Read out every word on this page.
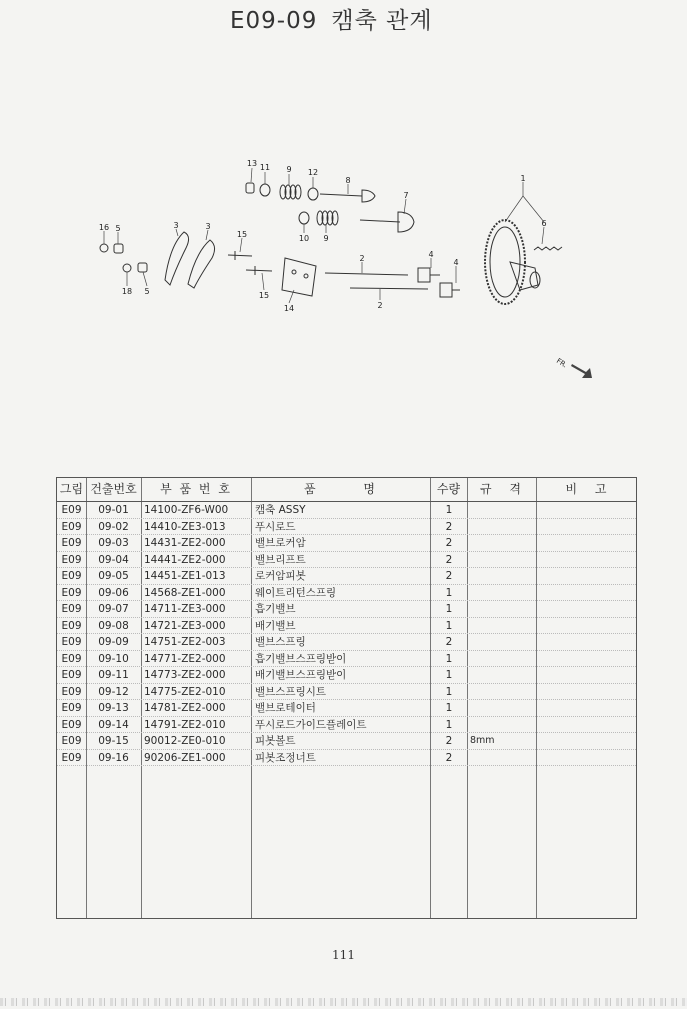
E09-09 캠축 관계
13 11 9 12
8
7
1
6
16 5	3	3
15	10 9
4
4
2
2
18 5	15
14
FR.
그림 건출번호	부 품 번 호	품 명	수량	규 격	비 고
E09	09-01	14100-ZF6-W00	캠축 ASSY	1
E09	09-02	14410-ZE3-013	푸시로드	2
E09	09-03	14431-ZE2-000	밸브로커암	2
E09	09-04	14441-ZE2-000	밸브리프트	2
E09	09-05	14451-ZE1-013	로커암피봇	2
E09	09-06	14568-ZE1-000	웨이트리턴스프링	1
E09	09-07	14711-ZE3-000	흡기밸브	1
E09	09-08	14721-ZE3-000	배기밸브	1
E09	09-09	14751-ZE2-003	밸브스프링	2
E09	09-10	14771-ZE2-000	흡기밸브스프링받이	1
E09	09-11	14773-ZE2-000	배기밸브스프링받이	1
E09	09-12	14775-ZE2-010	밸브스프링시트	1
E09	09-13	14781-ZE2-000	밸브로테이터	1
E09	09-14	14791-ZE2-010	푸시로드가이드플레이트	1
E09	09-15	90012-ZE0-010	피봇볼트	2	8mm
E09	09-16	90206-ZE1-000	피봇조정너트	2
111
